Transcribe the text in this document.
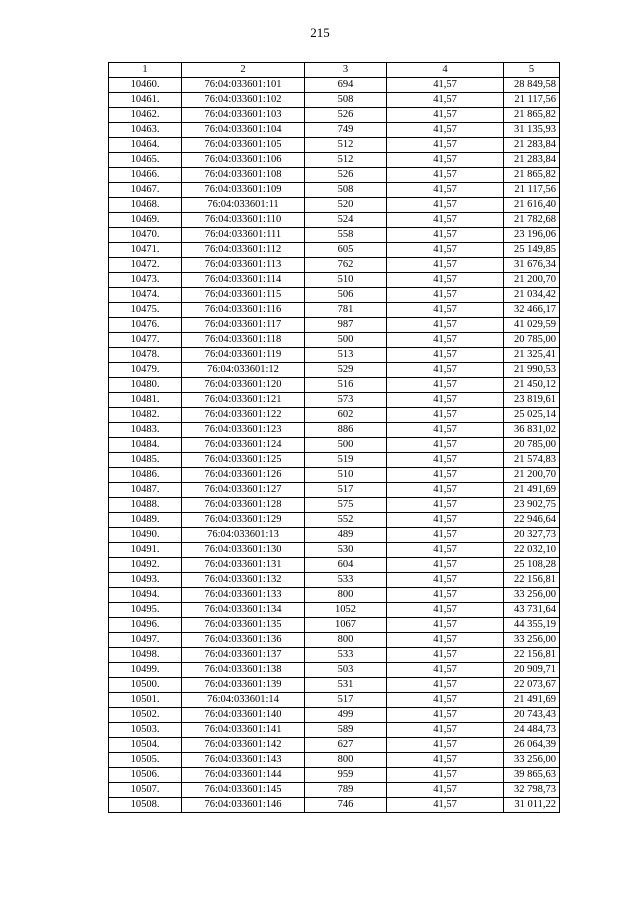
215
1	2	3	4	5
10460.	76:04:033601:101	694	41,57	28 849,58
10461.	76:04:033601:102	508	41,57	21 117,56
10462.	76:04:033601:103	526	41,57	21 865,82
10463.	76:04:033601:104	749	41,57	31 135,93
10464.	76:04:033601:105	512	41,57	21 283,84
10465.	76:04:033601:106	512	41,57	21 283,84
10466.	76:04:033601:108	526	41,57	21 865,82
10467.	76:04:033601:109	508	41,57	21 117,56
10468.	76:04:033601:11	520	41,57	21 616,40
10469.	76:04:033601:110	524	41,57	21 782,68
10470.	76:04:033601:111	558	41,57	23 196,06
10471.	76:04:033601:112	605	41,57	25 149,85
10472.	76:04:033601:113	762	41,57	31 676,34
10473.	76:04:033601:114	510	41,57	21 200,70
10474.	76:04:033601:115	506	41,57	21 034,42
10475.	76:04:033601:116	781	41,57	32 466,17
10476.	76:04:033601:117	987	41,57	41 029,59
10477.	76:04:033601:118	500	41,57	20 785,00
10478.	76:04:033601:119	513	41,57	21 325,41
10479.	76:04:033601:12	529	41,57	21 990,53
10480.	76:04:033601:120	516	41,57	21 450,12
10481.	76:04:033601:121	573	41,57	23 819,61
10482.	76:04:033601:122	602	41,57	25 025,14
10483.	76:04:033601:123	886	41,57	36 831,02
10484.	76:04:033601:124	500	41,57	20 785,00
10485.	76:04:033601:125	519	41,57	21 574,83
10486.	76:04:033601:126	510	41,57	21 200,70
10487.	76:04:033601:127	517	41,57	21 491,69
10488.	76:04:033601:128	575	41,57	23 902,75
10489.	76:04:033601:129	552	41,57	22 946,64
10490.	76:04:033601:13	489	41,57	20 327,73
10491.	76:04:033601:130	530	41,57	22 032,10
10492.	76:04:033601:131	604	41,57	25 108,28
10493.	76:04:033601:132	533	41,57	22 156,81
10494.	76:04:033601:133	800	41,57	33 256,00
10495.	76:04:033601:134	1052	41,57	43 731,64
10496.	76:04:033601:135	1067	41,57	44 355,19
10497.	76:04:033601:136	800	41,57	33 256,00
10498.	76:04:033601:137	533	41,57	22 156,81
10499.	76:04:033601:138	503	41,57	20 909,71
10500.	76:04:033601:139	531	41,57	22 073,67
10501.	76:04:033601:14	517	41,57	21 491,69
10502.	76:04:033601:140	499	41,57	20 743,43
10503.	76:04:033601:141	589	41,57	24 484,73
10504.	76:04:033601:142	627	41,57	26 064,39
10505.	76:04:033601:143	800	41,57	33 256,00
10506.	76:04:033601:144	959	41,57	39 865,63
10507.	76:04:033601:145	789	41,57	32 798,73
10508.	76:04:033601:146	746	41,57	31 011,22
